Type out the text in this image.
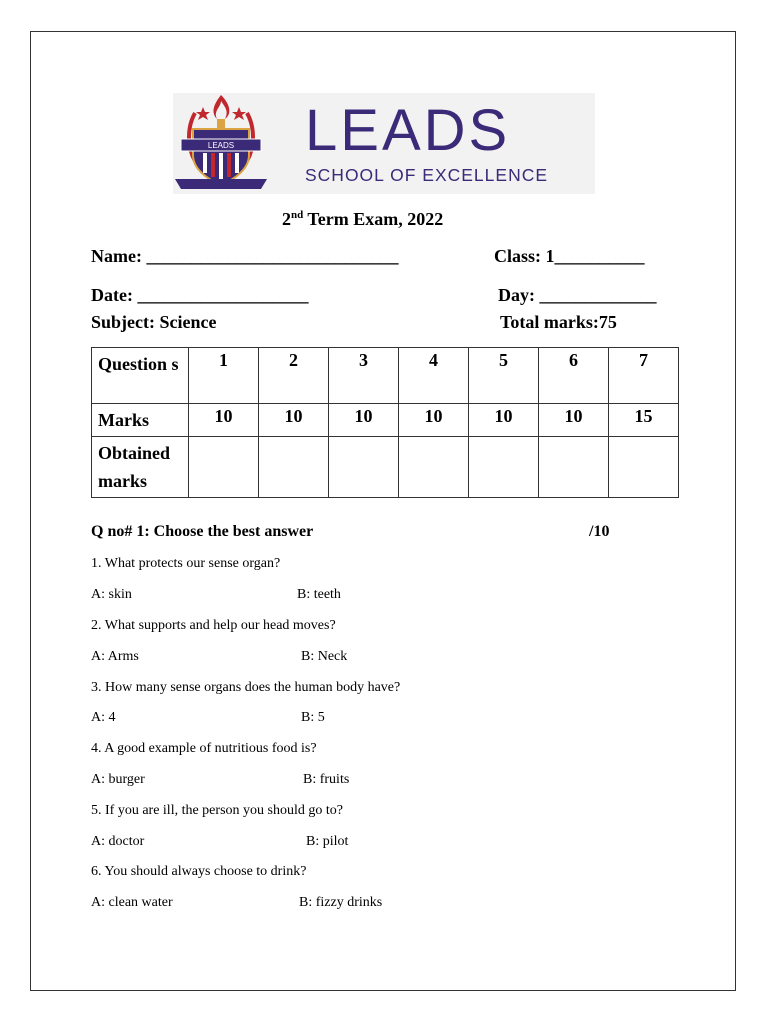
LEADS LEADS
SCHOOL OF EXCELLENCE
2nd Term Exam, 2022
Name: ____________________________	Class: 1__________
Date: ___________________	Day: _____________
Subject: Science	Total marks:75
Question s	1	2	3	4	5	6	7
Marks	10	10	10	10	10	10	15
Obtained marks							
Q no# 1: Choose the best answer	/10
1. What protects our sense organ?
A: skin	B: teeth
2. What supports and help our head moves?
A: Arms	B: Neck
3. How many sense organs does the human body have?
A: 4	B: 5
4. A good example of nutritious food is?
A: burger	B: fruits
5. If you are ill, the person you should go to?
A: doctor	B: pilot
6. You should always choose to drink?
A: clean water	B: fizzy drinks
